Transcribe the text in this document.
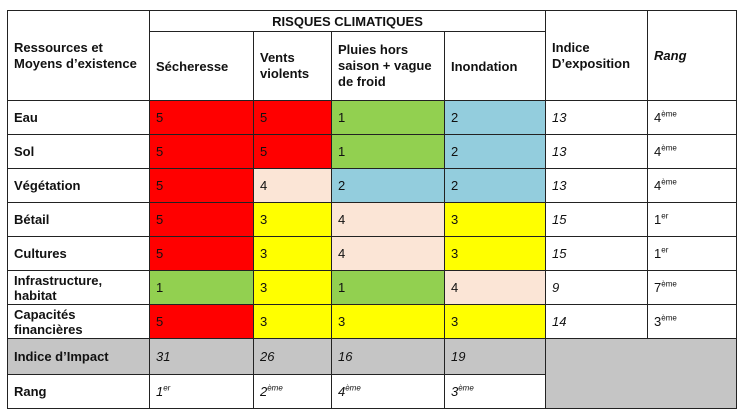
Ressources et Moyens d’existence	RISQUES CLIMATIQUES				Indice D’exposition	Rang
	Sécheresse	Vents violents	Pluies hors saison + vague de froid	Inondation		
Eau	5	5	1	2	13	4ème
Sol	5	5	1	2	13	4ème
Végétation	5	4	2	2	13	4ème
Bétail	5	3	4	3	15	1er
Cultures	5	3	4	3	15	1er
Infrastructure, habitat	1	3	1	4	9	7ème
Capacités financières	5	3	3	3	14	3ème
Indice d’Impact	31	26	16	19		
Rang	1er	2ème	4ème	3ème
